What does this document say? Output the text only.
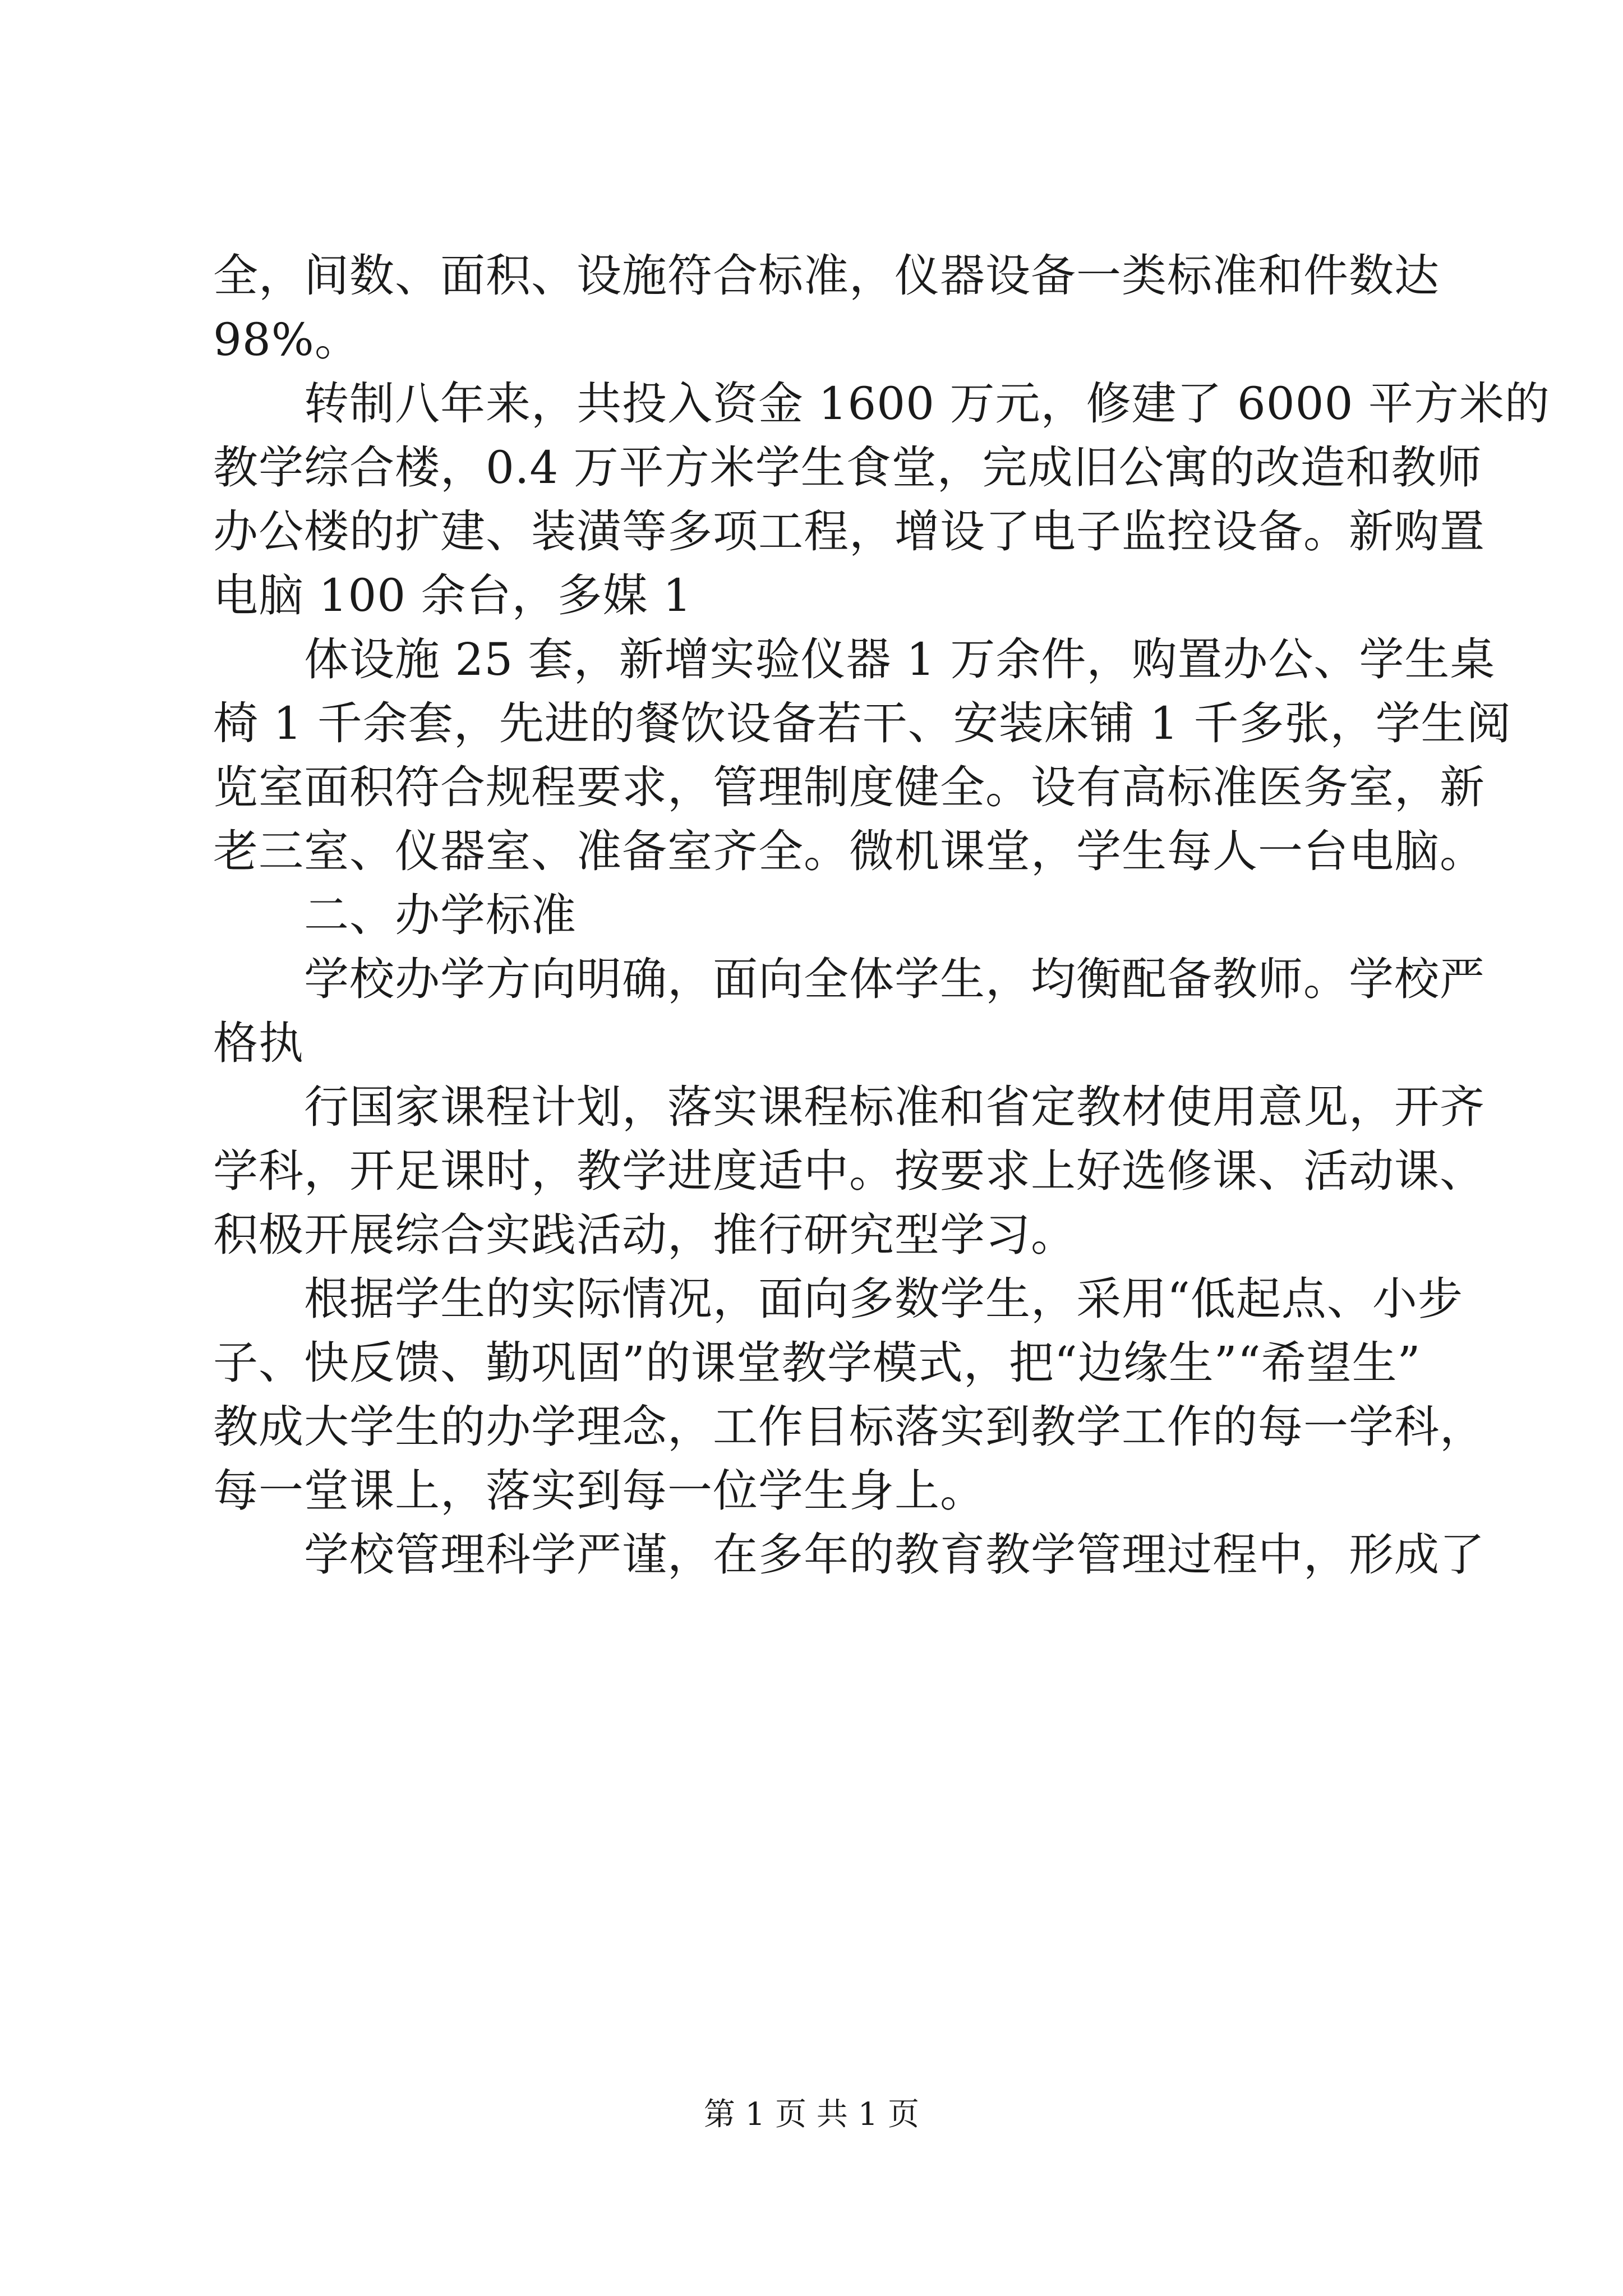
全，间数、面积、设施符合标准，仪器设备一类标准和件数达
98%。
转制八年来，共投入资金 1600 万元，修建了 6000 平方米的
教学综合楼，0.4 万平方米学生食堂，完成旧公寓的改造和教师
办公楼的扩建、装潢等多项工程，增设了电子监控设备。新购置
电脑 100 余台，多媒 1
体设施 25 套，新增实验仪器 1 万余件，购置办公、学生桌
椅 1 千余套，先进的餐饮设备若干、安装床铺 1 千多张，学生阅
览室面积符合规程要求，管理制度健全。设有高标准医务室，新
老三室、仪器室、准备室齐全。微机课堂，学生每人一台电脑。
二、办学标准
学校办学方向明确，面向全体学生，均衡配备教师。学校严
格执
行国家课程计划，落实课程标准和省定教材使用意见，开齐
学科，开足课时，教学进度适中。按要求上好选修课、活动课、
积极开展综合实践活动，推行研究型学习。
根据学生的实际情况，面向多数学生，采用“低起点、小步
子、快反馈、勤巩固”的课堂教学模式，把“边缘生”“希望生”
教成大学生的办学理念，工作目标落实到教学工作的每一学科，
每一堂课上，落实到每一位学生身上。
学校管理科学严谨，在多年的教育教学管理过程中，形成了
第 1 页 共 1 页
